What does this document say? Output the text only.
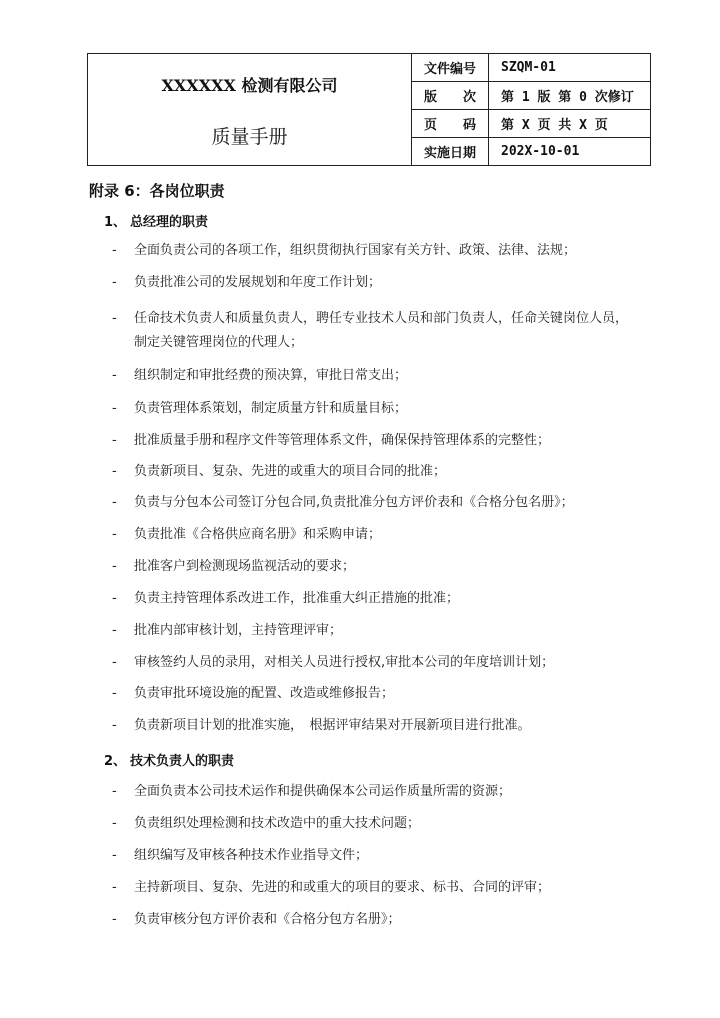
XXXXXX 检测有限公司
质量手册	文件编号	SZQM-01
	版　　次	第 1 版 第 0 次修订
	页　　码	第 X 页 共 X 页
	实施日期	202X-10-01
附录 6：各岗位职责
1、 总经理的职责
-	全面负责公司的各项工作，组织贯彻执行国家有关方针、政策、法律、法规；
-	负责批准公司的发展规划和年度工作计划；
-	任命技术负责人和质量负责人，聘任专业技术人员和部门负责人，任命关键岗位人员，制定关键管理岗位的代理人；
-	组织制定和审批经费的预决算，审批日常支出；
-	负责管理体系策划，制定质量方针和质量目标；
-	批准质量手册和程序文件等管理体系文件，确保保持管理体系的完整性；
-	负责新项目、复杂、先进的或重大的项目合同的批准；
-	负责与分包本公司签订分包合同,负责批准分包方评价表和《合格分包名册》；
-	负责批准《合格供应商名册》和采购申请；
-	批准客户到检测现场监视活动的要求；
-	负责主持管理体系改进工作，批准重大纠正措施的批准；
-	批准内部审核计划，主持管理评审；
-	审核签约人员的录用，对相关人员进行授权,审批本公司的年度培训计划；
-	负责审批环境设施的配置、改造或维修报告；
-	负责新项目计划的批准实施，　根据评审结果对开展新项目进行批准。
2、 技术负责人的职责
-	全面负责本公司技术运作和提供确保本公司运作质量所需的资源；
-	负责组织处理检测和技术改造中的重大技术问题；
-	组织编写及审核各种技术作业指导文件；
-	主持新项目、复杂、先进的和或重大的项目的要求、标书、合同的评审；
-	负责审核分包方评价表和《合格分包方名册》；
